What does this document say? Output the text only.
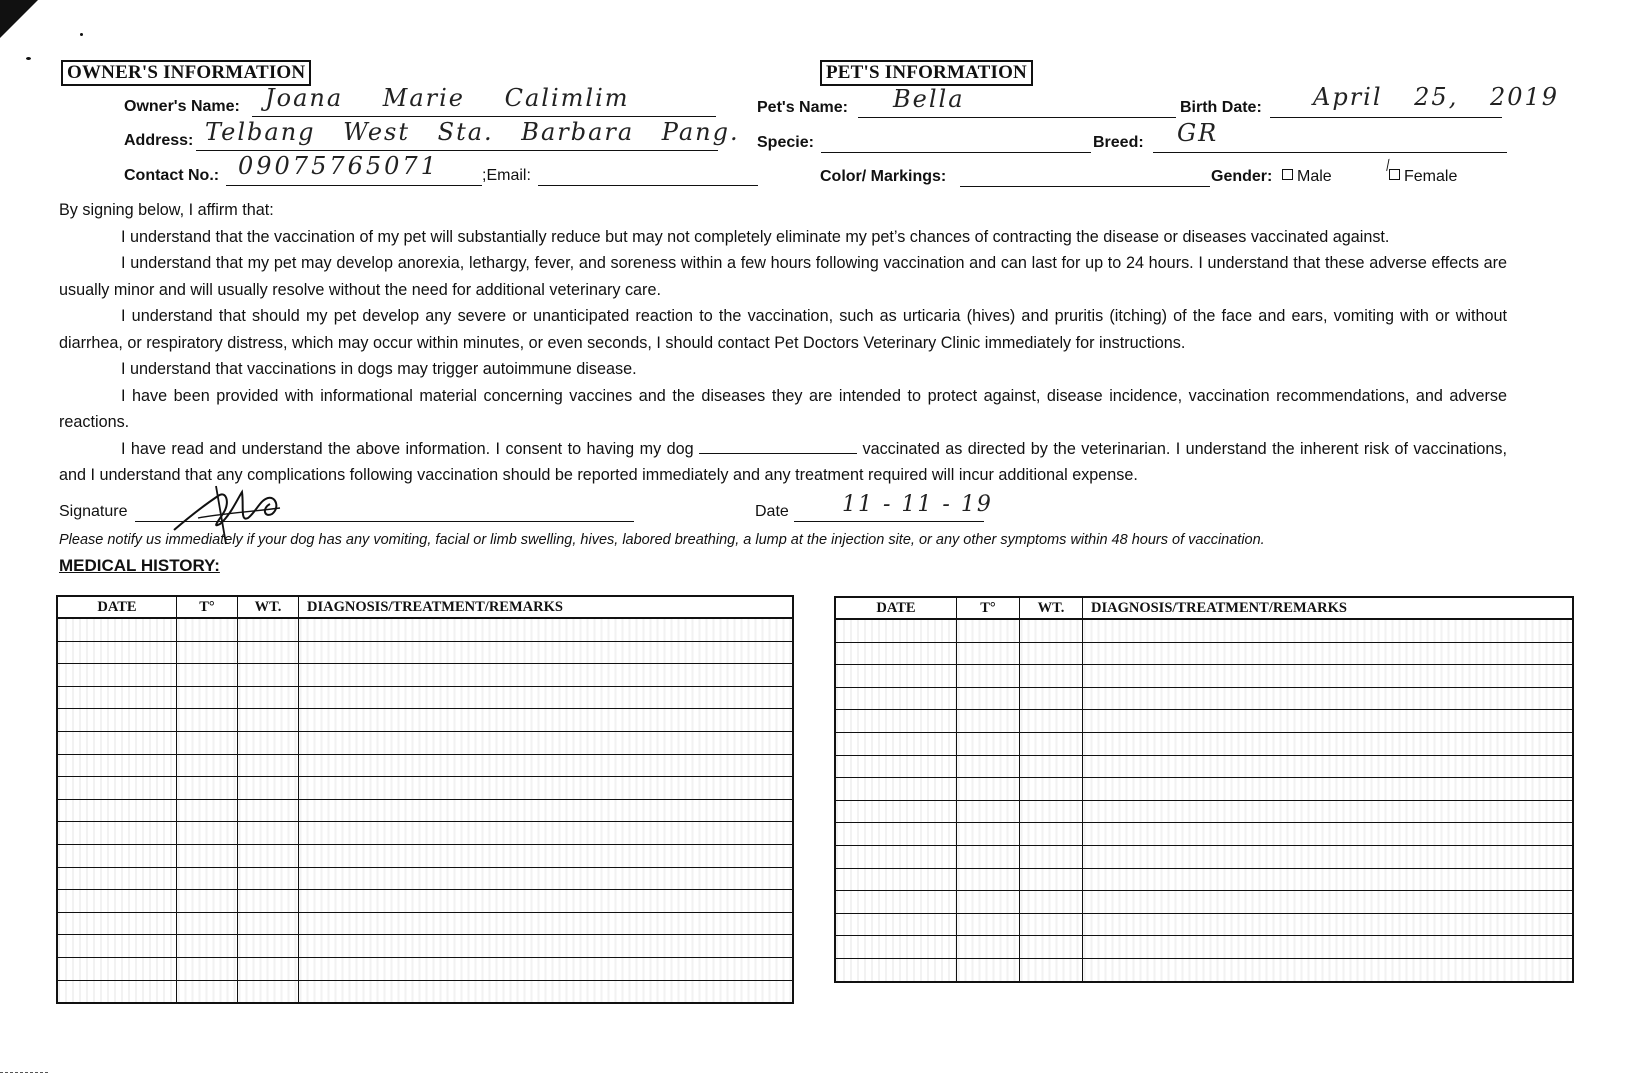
OWNER'S INFORMATION
Owner's Name: Joana Marie Calimlim
Address: Telbang West Sta. Barbara Pang.
Contact No.: 09075765071	;Email:
PET'S INFORMATION
Pet's Name: Bella	Birth Date: April 25, 2019
Specie:	Breed: GR
Color/ Markings:	Gender:	Male
⁄
Female

By signing below, I affirm that:

I understand that the vaccination of my pet will substantially reduce but may not completely eliminate my pet’s chances of contracting the disease or diseases vaccinated against.

I understand that my pet may develop anorexia, lethargy, fever, and soreness within a few hours following vaccination and can last for up to 24 hours. I understand that these adverse effects are usually minor and will usually resolve without the need for additional veterinary care.

I understand that should my pet develop any severe or unanticipated reaction to the vaccination, such as urticaria (hives) and pruritis (itching) of the face and ears, vomiting with or without diarrhea, or respiratory distress, which may occur within minutes, or even seconds, I should contact Pet Doctors Veterinary Clinic immediately for instructions.

I understand that vaccinations in dogs may trigger autoimmune disease.

I have been provided with informational material concerning vaccines and the diseases they are intended to protect against, disease incidence, vaccination recommendations, and adverse reactions.

I have read and understand the above information. I consent to having my dog	vaccinated as directed by the veterinarian. I understand the inherent risk of vaccinations, and I understand that any complications following vaccination should be reported immediately and any treatment required will incur additional expense.

Signature	Date 11 - 11 - 19
Please notify us immediately if your dog has any vomiting, facial or limb swelling, hives, labored breathing, a lump at the injection site, or any other symptoms within 48 hours of vaccination.
MEDICAL HISTORY:
DATE	T°	WT.	DIAGNOSIS/TREATMENT/REMARKS

				DATE	T°	WT.	DIAGNOSIS/TREATMENT/REMARKS
